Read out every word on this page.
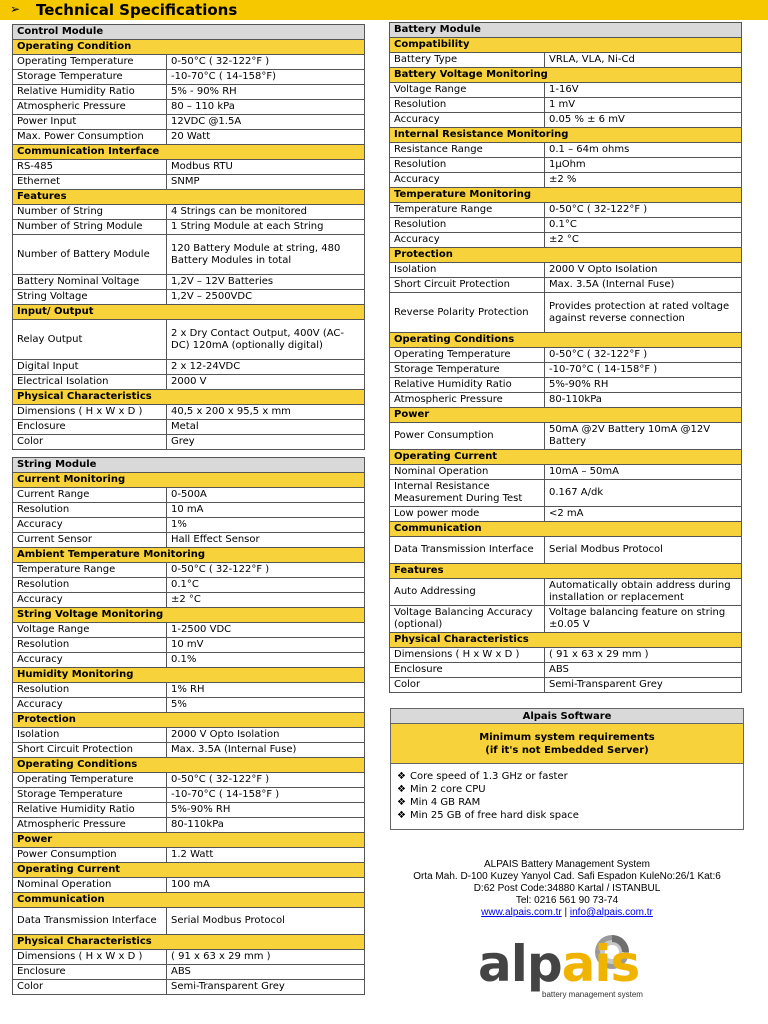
➢ Technical Specifications
Control Module	
Operating Condition	
Operating Temperature	0-50°C ( 32-122°F )
Storage Temperature	-10-70°C ( 14-158°F)
Relative Humidity Ratio	5% - 90% RH
Atmospheric Pressure	80 – 110 kPa
Power Input	12VDC @1.5A
Max. Power Consumption	20 Watt
Communication Interface	
RS-485	Modbus RTU
Ethernet	SNMP
Features	
Number of String	4 Strings can be monitored
Number of String Module	1 String Module at each String
Number of Battery Module	120 Battery Module at string, 480 Battery Modules in total
Battery Nominal Voltage	1,2V – 12V Batteries
String Voltage	1,2V – 2500VDC
Input/ Output	
Relay Output	2 x Dry Contact Output, 400V (AC-DC) 120mA (optionally digital)
Digital Input	2 x 12-24VDC
Electrical Isolation	2000 V
Physical Characteristics	
Dimensions ( H x W x D )	40,5 x 200 x 95,5 x mm
Enclosure	Metal
Color	Grey
String Module	
Current Monitoring	
Current Range	0-500A
Resolution	10 mA
Accuracy	1%
Current Sensor	Hall Effect Sensor
Ambient Temperature Monitoring	
Temperature Range	0-50°C ( 32-122°F )
Resolution	0.1°C
Accuracy	±2 °C
String Voltage Monitoring	
Voltage Range	1-2500 VDC
Resolution	10 mV
Accuracy	0.1%
Humidity Monitoring	
Resolution	1% RH
Accuracy	5%
Protection	
Isolation	2000 V Opto Isolation
Short Circuit Protection	Max. 3.5A (Internal Fuse)
Operating Conditions	
Operating Temperature	0-50°C ( 32-122°F )
Storage Temperature	-10-70°C ( 14-158°F )
Relative Humidity Ratio	5%-90% RH
Atmospheric Pressure	80-110kPa
Power	
Power Consumption	1.2 Watt
Operating Current	
Nominal Operation	100 mA
Communication	
Data Transmission Interface	Serial Modbus Protocol
Physical Characteristics	
Dimensions ( H x W x D )	( 91 x 63 x 29 mm )
Enclosure	ABS
Color	Semi-Transparent Grey
Battery Module	
Compatibility	
Battery Type	VRLA, VLA, Ni-Cd
Battery Voltage Monitoring	
Voltage Range	1-16V
Resolution	1 mV
Accuracy	0.05 % ± 6 mV
Internal Resistance Monitoring	
Resistance Range	0.1 – 64m ohms
Resolution	1µOhm
Accuracy	±2 %
Temperature Monitoring	
Temperature Range	0-50°C ( 32-122°F )
Resolution	0.1°C
Accuracy	±2 °C
Protection	
Isolation	2000 V Opto Isolation
Short Circuit Protection	Max. 3.5A (Internal Fuse)
Reverse Polarity Protection	Provides protection at rated voltage against reverse connection
Operating Conditions	
Operating Temperature	0-50°C ( 32-122°F )
Storage Temperature	-10-70°C ( 14-158°F )
Relative Humidity Ratio	5%-90% RH
Atmospheric Pressure	80-110kPa
Power	
Power Consumption	50mA @2V Battery 10mA @12V Battery
Operating Current	
Nominal Operation	10mA – 50mA
Internal Resistance Measurement During Test	0.167 A/dk
Low power mode	<2 mA
Communication	
Data Transmission Interface	Serial Modbus Protocol
Features	
Auto Addressing	Automatically obtain address during installation or replacement
Voltage Balancing Accuracy (optional)	Voltage balancing feature on string ±0.05 V
Physical Characteristics	
Dimensions ( H x W x D )	( 91 x 63 x 29 mm )
Enclosure	ABS
Color	Semi-Transparent Grey
Alpais Software
Minimum system requirements
(if it's not Embedded Server)
❖ Core speed of 1.3 GHz or faster
❖ Min 2 core CPU
❖ Min 4 GB RAM
❖ Min 25 GB of free hard disk space
ALPAIS Battery Management System
Orta Mah. D-100 Kuzey Yanyol Cad. Safi Espadon KuleNo:26/1 Kat:6
D:62 Post Code:34880 Kartal / ISTANBUL
Tel: 0216 561 90 73-74
www.alpais.com.tr | info@alpais.com.tr
alpais
battery management system
